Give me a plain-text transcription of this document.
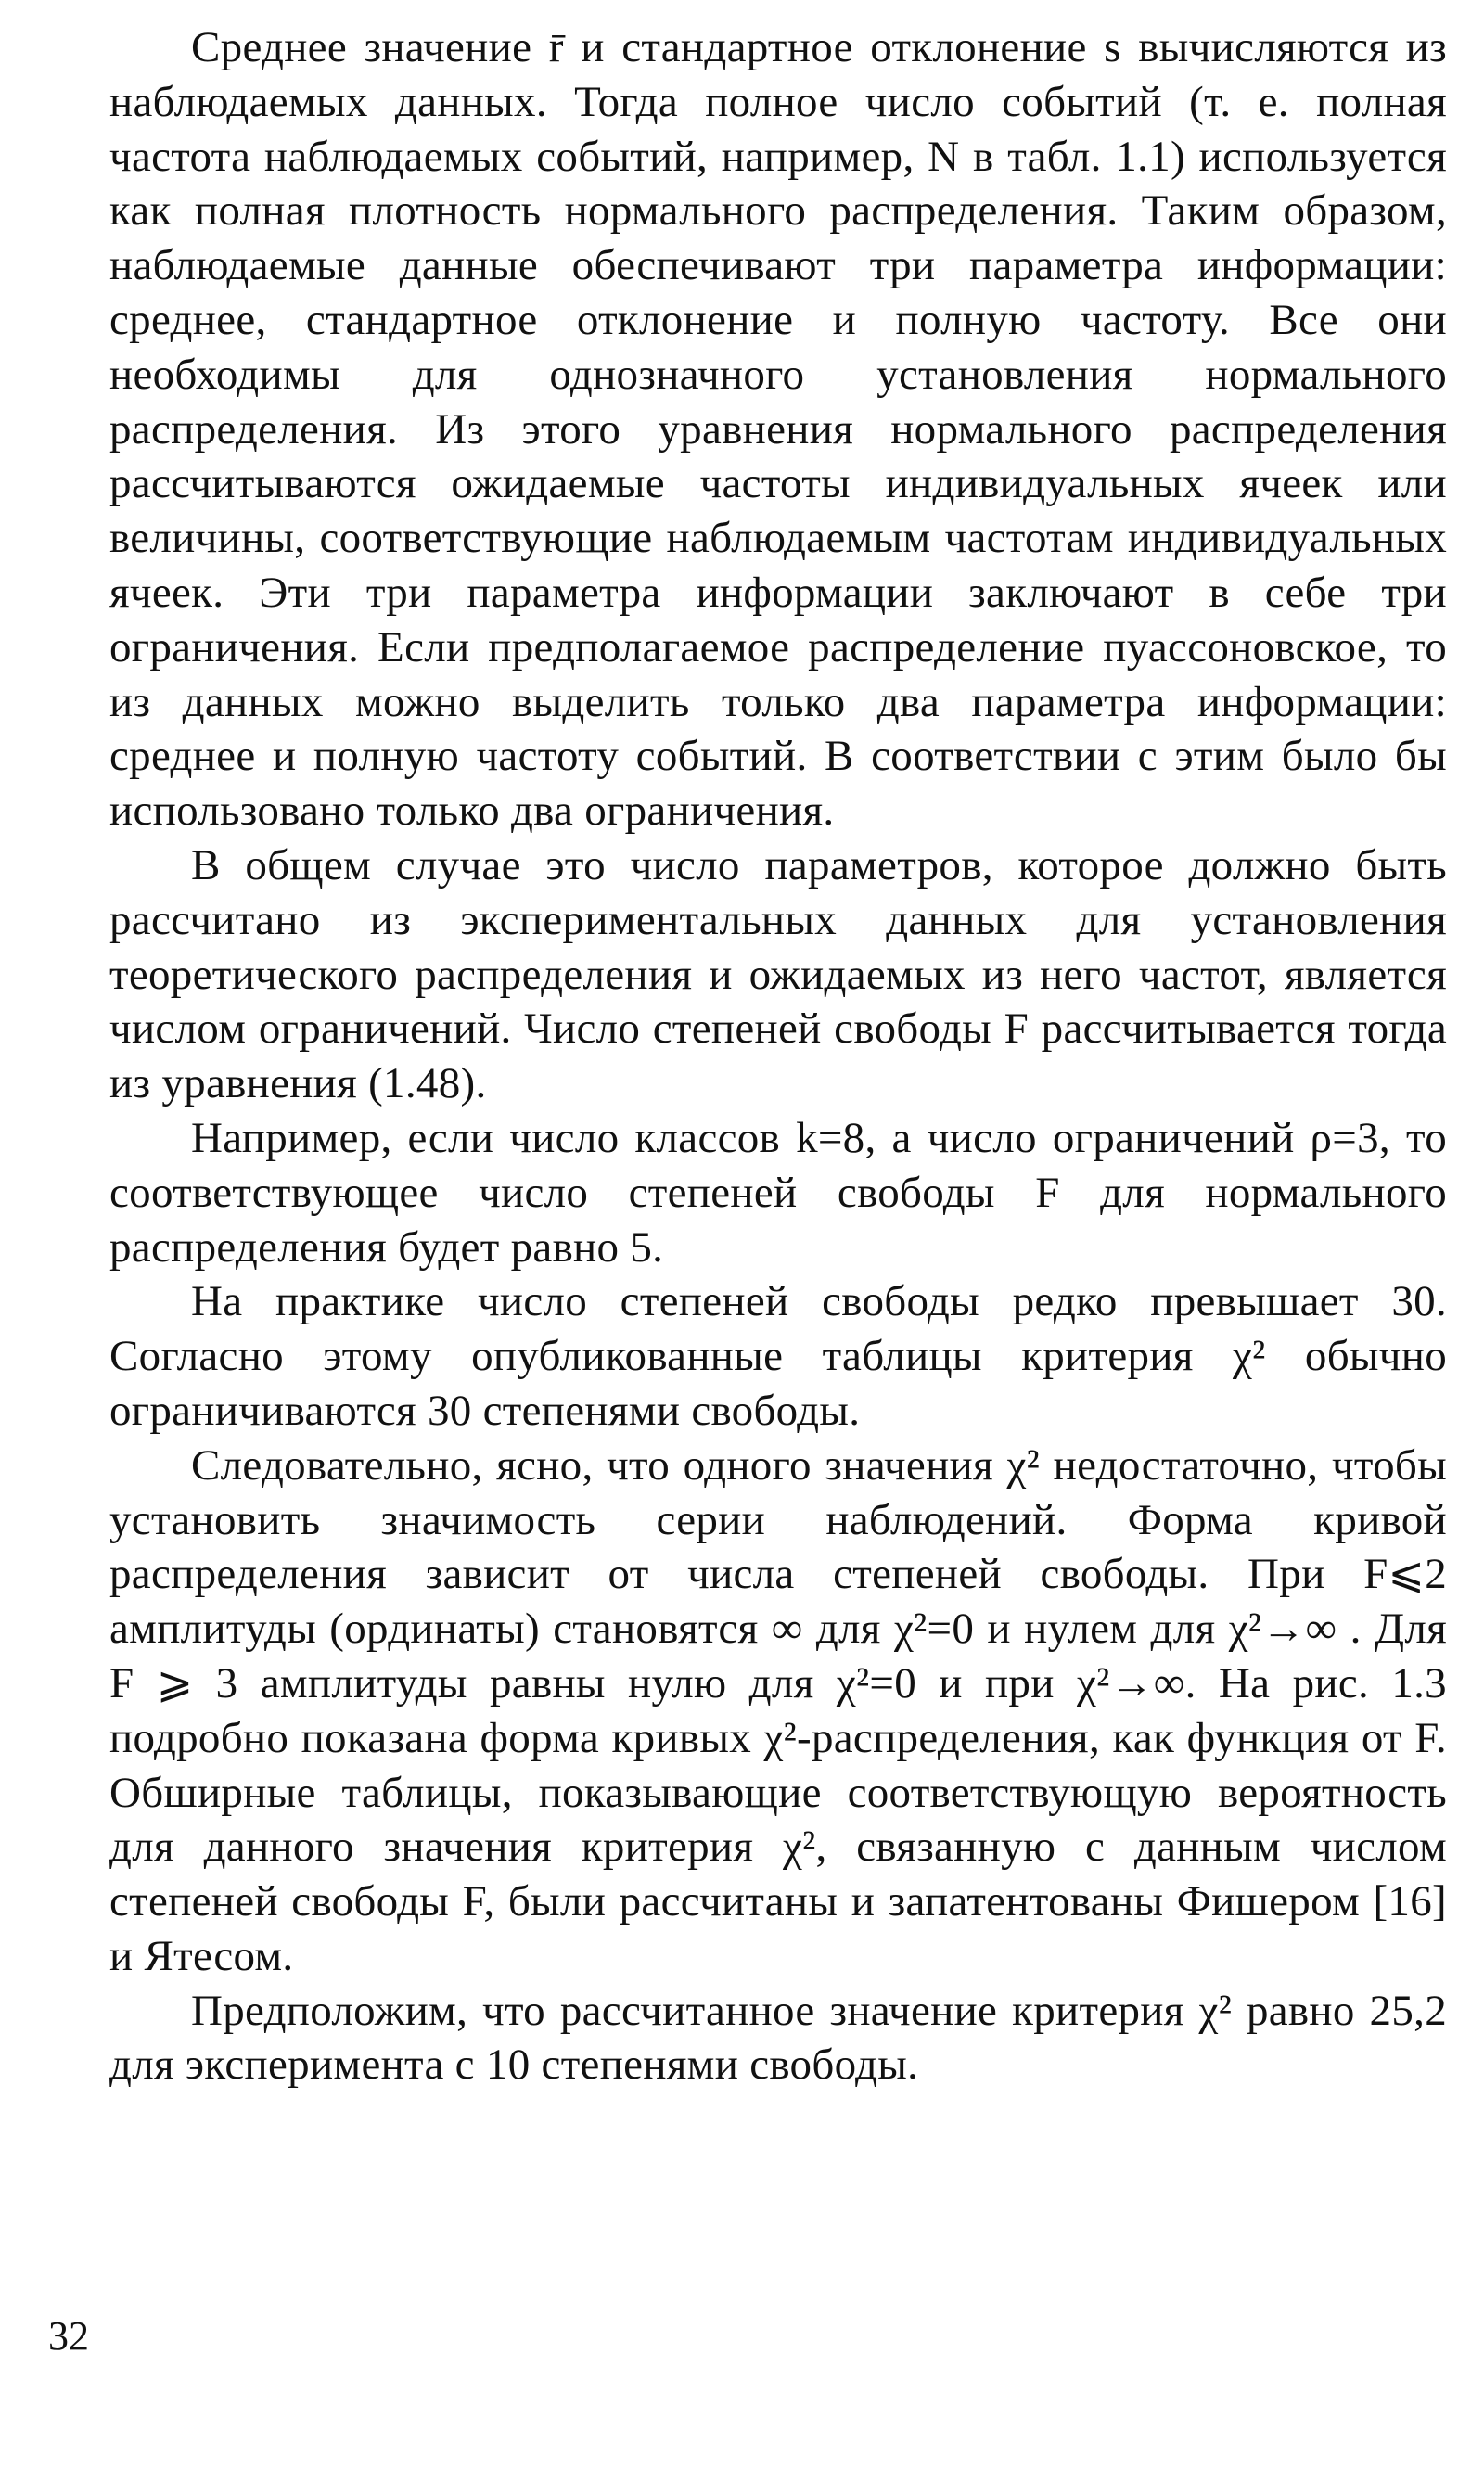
Среднее значение r̄ и стандартное отклонение s вычисляются из наблюдаемых данных. Тогда полное число событий (т. е. полная частота наблюдаемых событий, например, N в табл. 1.1) используется как полная плотность нормального распределения. Таким образом, наблюдаемые данные обеспечивают три параметра информации: среднее, стандартное отклонение и полную частоту. Все они необходимы для однозначного установления нормального распределения. Из этого уравнения нормального распределения рассчитываются ожидаемые частоты индивидуальных ячеек или величины, соответствующие наблюдаемым частотам индивидуальных ячеек. Эти три параметра информации заключают в себе три ограничения. Если предполагаемое распределение пуассоновское, то из данных можно выделить только два параметра информации: среднее и полную частоту событий. В соответствии с этим было бы использовано только два ограничения.

В общем случае это число параметров, которое должно быть рассчитано из экспериментальных данных для установления теоретического распределения и ожидаемых из него частот, является числом ограничений. Число степеней свободы F рассчитывается тогда из уравнения (1.48).

Например, если число классов k=8, а число ограничений ρ=3, то соответствующее число степеней свободы F для нормального распределения будет равно 5.

На практике число степеней свободы редко превышает 30. Согласно этому опубликованные таблицы критерия χ² обычно ограничиваются 30 степенями свободы.

Следовательно, ясно, что одного значения χ² недостаточно, чтобы установить значимость серии наблюдений. Форма кривой распределения зависит от числа степеней свободы. При F⩽2 амплитуды (ординаты) становятся ∞ для χ²=0 и нулем для χ²→∞ . Для F ⩾ 3 амплитуды равны нулю для χ²=0 и при χ²→∞. На рис. 1.3 подробно показана форма кривых χ²-распределения, как функция от F. Обширные таблицы, показывающие соответствующую вероятность для данного значения критерия χ², связанную с данным числом степеней свободы F, были рассчитаны и запатентованы Фишером [16] и Ятесом.

Предположим, что рассчитанное значение критерия χ² равно 25,2 для эксперимента с 10 степенями свободы.

32
